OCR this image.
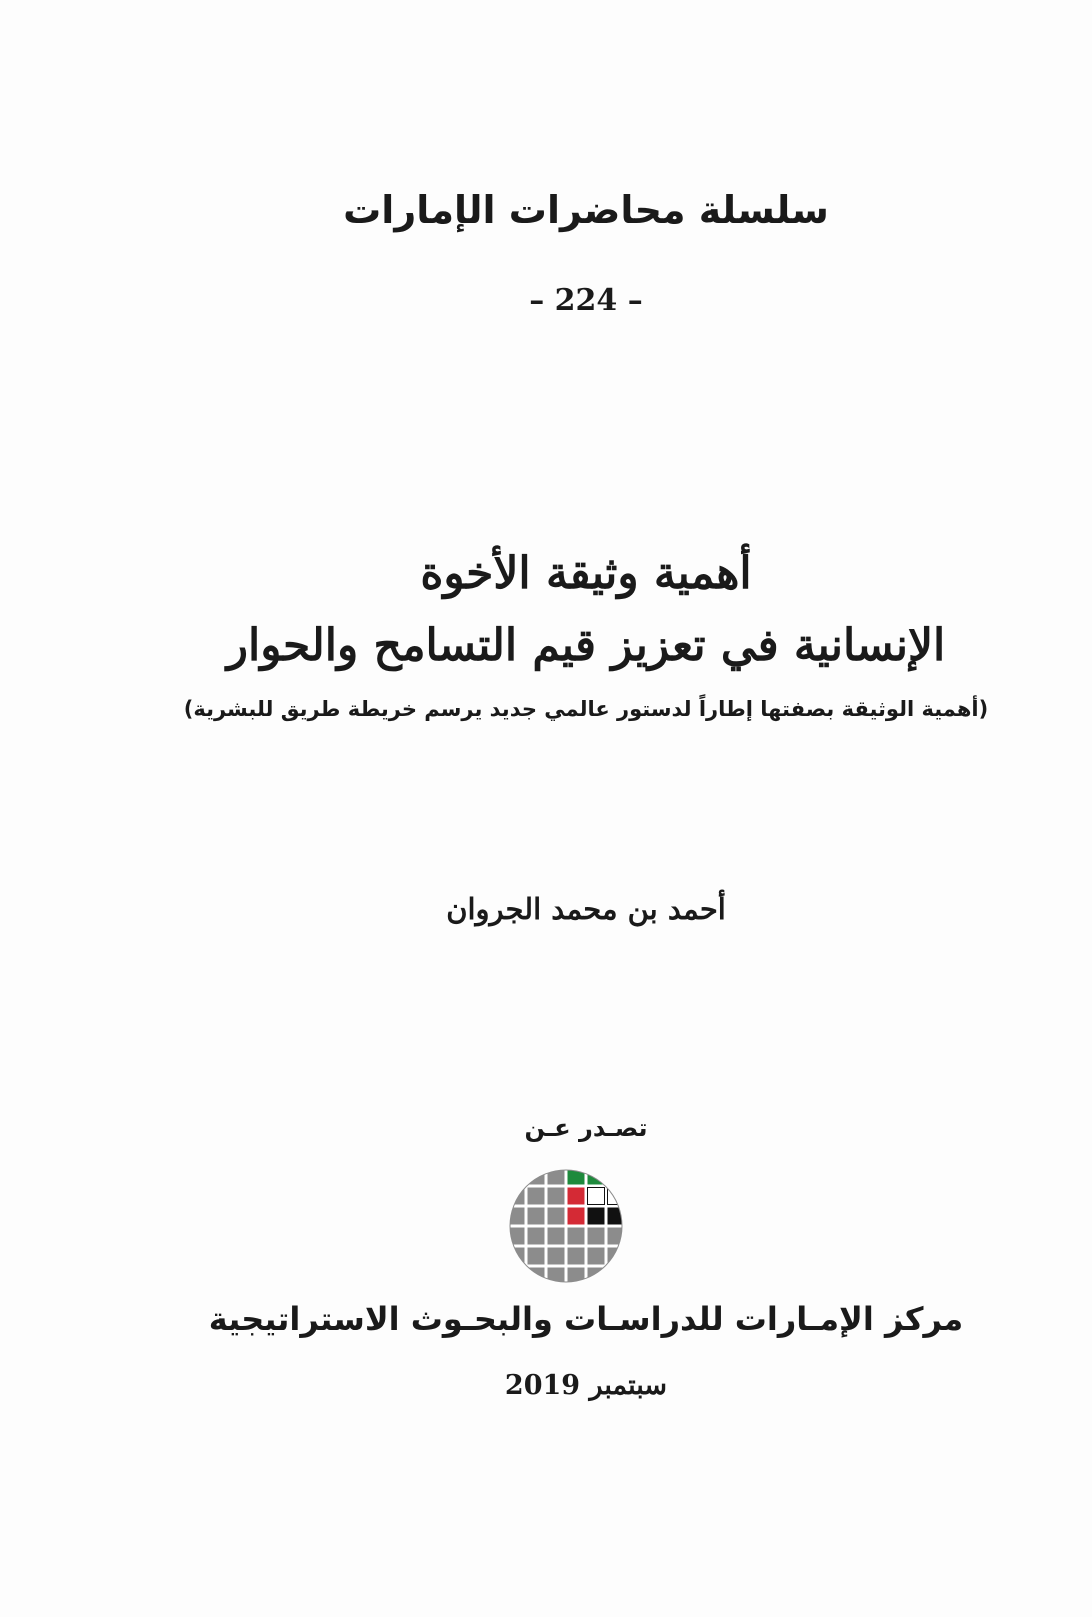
سلسلة محاضرات الإمارات
– 224 –
أهمية وثيقة الأخوة
الإنسانية في تعزيز قيم التسامح والحوار
(أهمية الوثيقة بصفتها إطاراً لدستور عالمي جديد يرسم خريطة طريق للبشرية)
أحمد بن محمد الجروان
تصـدر عـن
مركز الإمـارات للدراسـات والبحـوث الاستراتيجية
سبتمبر 2019
